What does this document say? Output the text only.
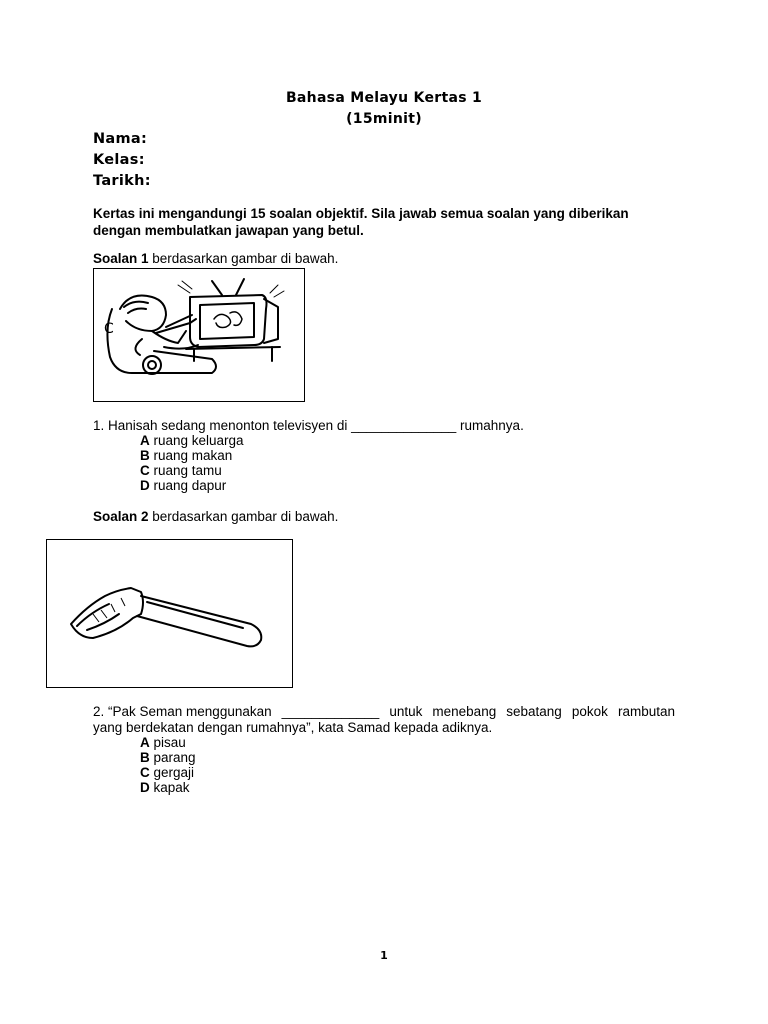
Bahasa Melayu Kertas 1
(15minit)
Nama:
Kelas:
Tarikh:
Kertas ini mengandungi 15 soalan objektif. Sila jawab semua soalan yang diberikan
dengan membulatkan jawapan yang betul.
Soalan 1 berdasarkan gambar di bawah.
C
1. Hanisah sedang menonton televisyen di ______________ rumahnya.
A ruang keluarga
B ruang makan
C ruang tamu
D ruang dapur
Soalan 2 berdasarkan gambar di bawah.
2. “Pak Seman menggunakan _____________ untuk menebang sebatang pokok rambutan
yang berdekatan dengan rumahnya”, kata Samad kepada adiknya.
A pisau
B parang
C gergaji
D kapak
1
